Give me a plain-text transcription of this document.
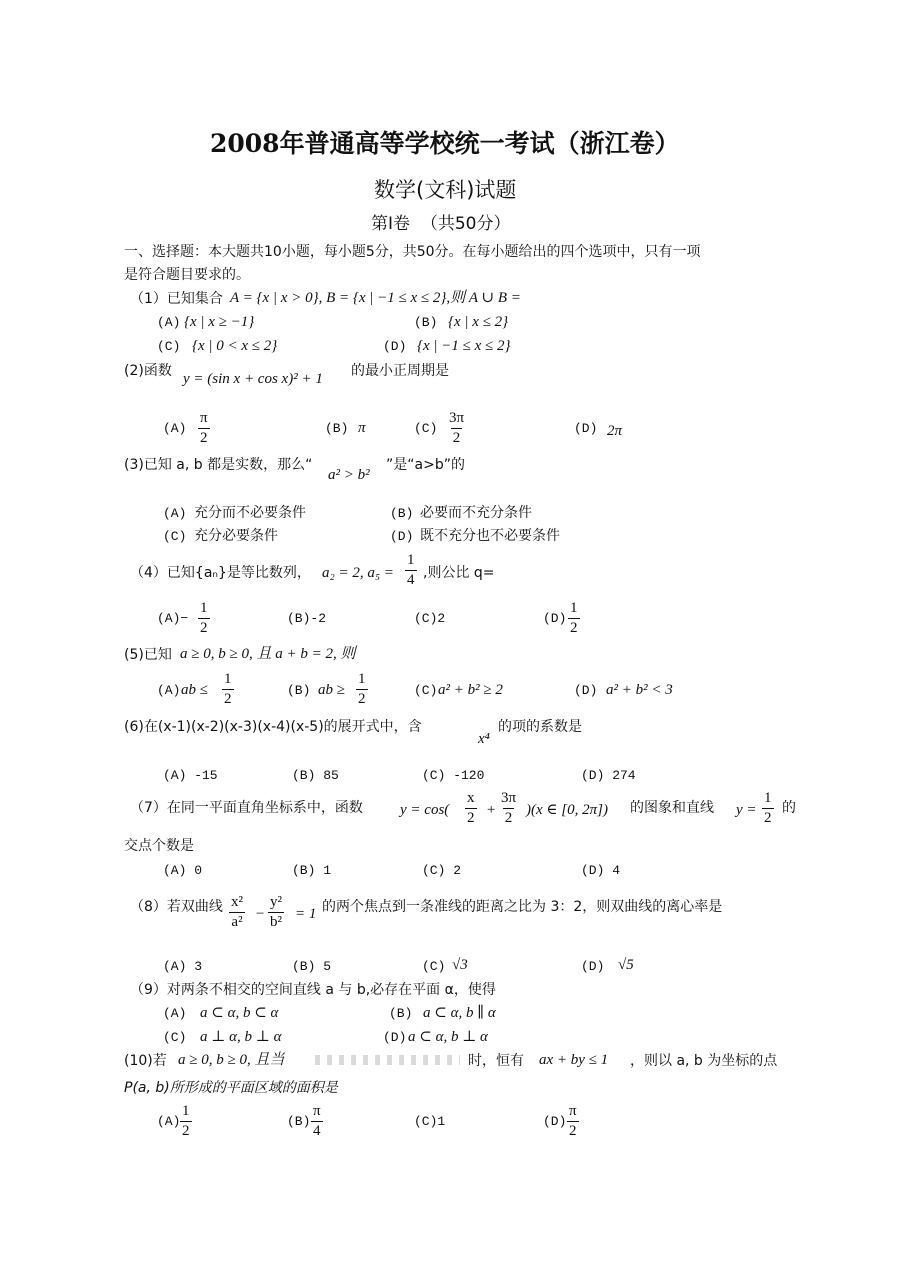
2008年普通高等学校统一考试（浙江卷）
数学(文科)试题
第Ⅰ卷  （共50分）
一、选择题：本大题共10小题，每小题5分，共50分。在每小题给出的四个选项中，只有一项
是符合题目要求的。
（1）已知集合 A = {x | x > 0}, B = {x | −1 ≤ x ≤ 2},则 A ∪ B =
(A) {x | x ≥ −1}	(B) {x | x ≤ 2}
(C) {x | 0 < x ≤ 2}	(D) {x | −1 ≤ x ≤ 2}
(2)函数 y = (sin x + cos x)² + 1 的最小正周期是
$(A) \frac{\pi}{2}$	(B) π	$(C) \frac{3\pi}{2}$	(D) 2π
(3)已知 a, b 都是实数，那么“
a² > b²
”是“a>b”的
(A) 充分而不必要条件	(B) 必要而不充分条件
(C) 充分必要条件	(D) 既不充分也不必要条件
（4）已知{aₙ}是等比数列， a₂ = 2, $a_5 = \frac{1}{4}$ ,则公比 q=
$(A)- \frac{1}{2}$	(B)-2	(C)2	$(D) \frac{1}{2}$
(5)已知 a ≥ 0, b ≥ 0, 且 a + b = 2, 则
(A) ab ≤ $\frac{1}{2}$	(B) ab ≥ $\frac{1}{2}$	(C) a² + b² ≥ 2	(D) a² + b² < 3
(6)在(x-1)(x-2)(x-3)(x-4)(x-5)的展开式中，含
x⁴
的项的系数是
(A) -15	(B) 85	(C) -120	(D) 274
（7）在同一平面直角坐标系中，函数 $y = \cos( \frac{x}{2} + \frac{3\pi}{2} )(x$ ∈ [0, 2π]) 的图象和直线 $y = \frac{1}{2}$ 的
交点个数是
(A) 0	(B) 1	(C) 2	(D) 4
（8）若双曲线 $\frac{\text{x²}}{\text{a²}} - \frac{\text{y²}}{\text{b²}} = 1$ 的两个焦点到一条准线的距离之比为 3：2，则双曲线的离心率是
(A) 3	(B) 5	(C) √3	(D) √5
（9）对两条不相交的空间直线 a 与 b,必存在平面 α，使得
(A) a ⊂ α, b ⊂ α	(B) a ⊂ α, b ∥ α
(C) a ⊥ α, b ⊥ α	(D) a ⊂ α, b ⊥ α
(10)若 a ≥ 0, b ≥ 0, 且当	时，恒有 ax + by ≤ 1 ，则以 a, b 为坐标的点
P(a, b)所形成的平面区域的面积是
$(A) \frac{1}{2}$	$(B) \frac{\pi}{4}$	(C)1	$(D) \frac{\pi}{2}$
